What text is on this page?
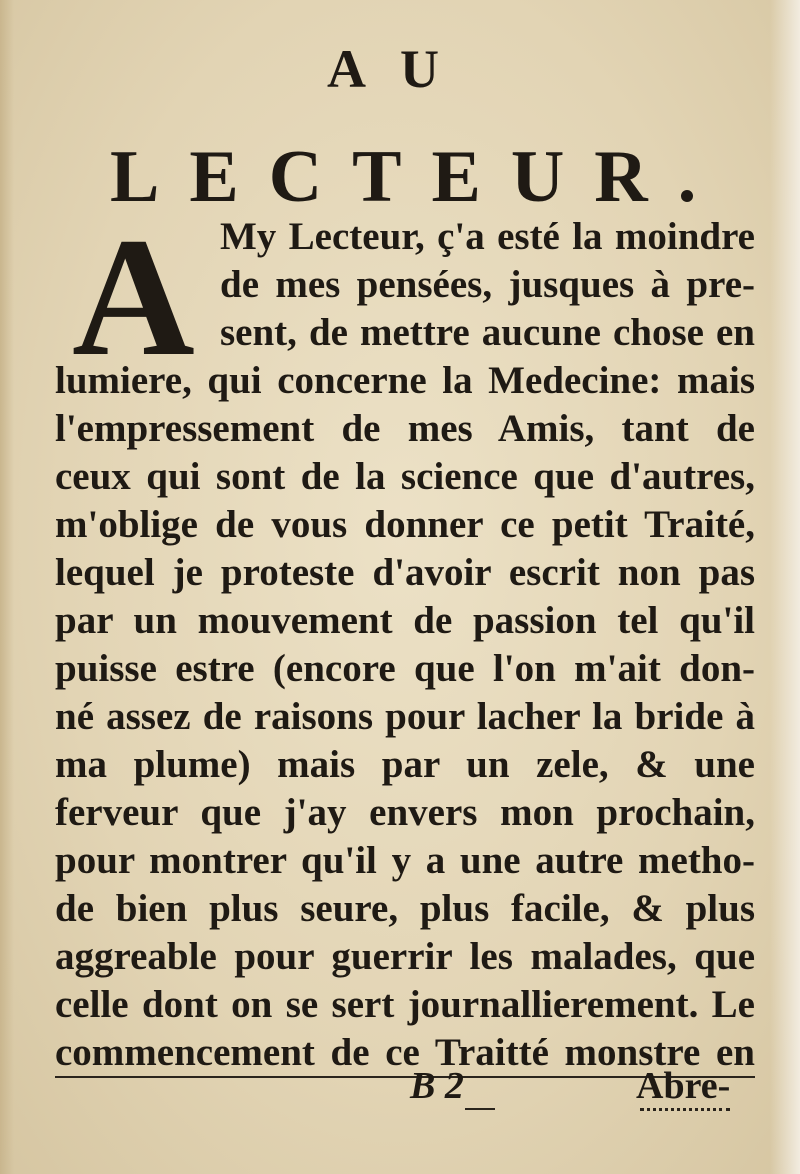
AU
LECTEUR.
A My Lecteur, ç'a esté la moindre
de mes pensées, jusques à pre-
sent, de mettre aucune chose en
lumiere, qui concerne la Medecine: mais
l'empressement de mes Amis, tant de
ceux qui sont de la science que d'autres,
m'oblige de vous donner ce petit Traité,
lequel je proteste d'avoir escrit non pas
par un mouvement de passion tel qu'il
puisse estre (encore que l'on m'ait don-
né assez de raisons pour lacher la bride à
ma plume) mais par un zele, & une
ferveur que j'ay envers mon prochain,
pour montrer qu'il y a une autre metho-
de bien plus seure, plus facile, & plus
aggreable pour guerrir les malades, que
celle dont on se sert journallierement. Le
commencement de ce Traitté monstre en
B 2	Abre-
